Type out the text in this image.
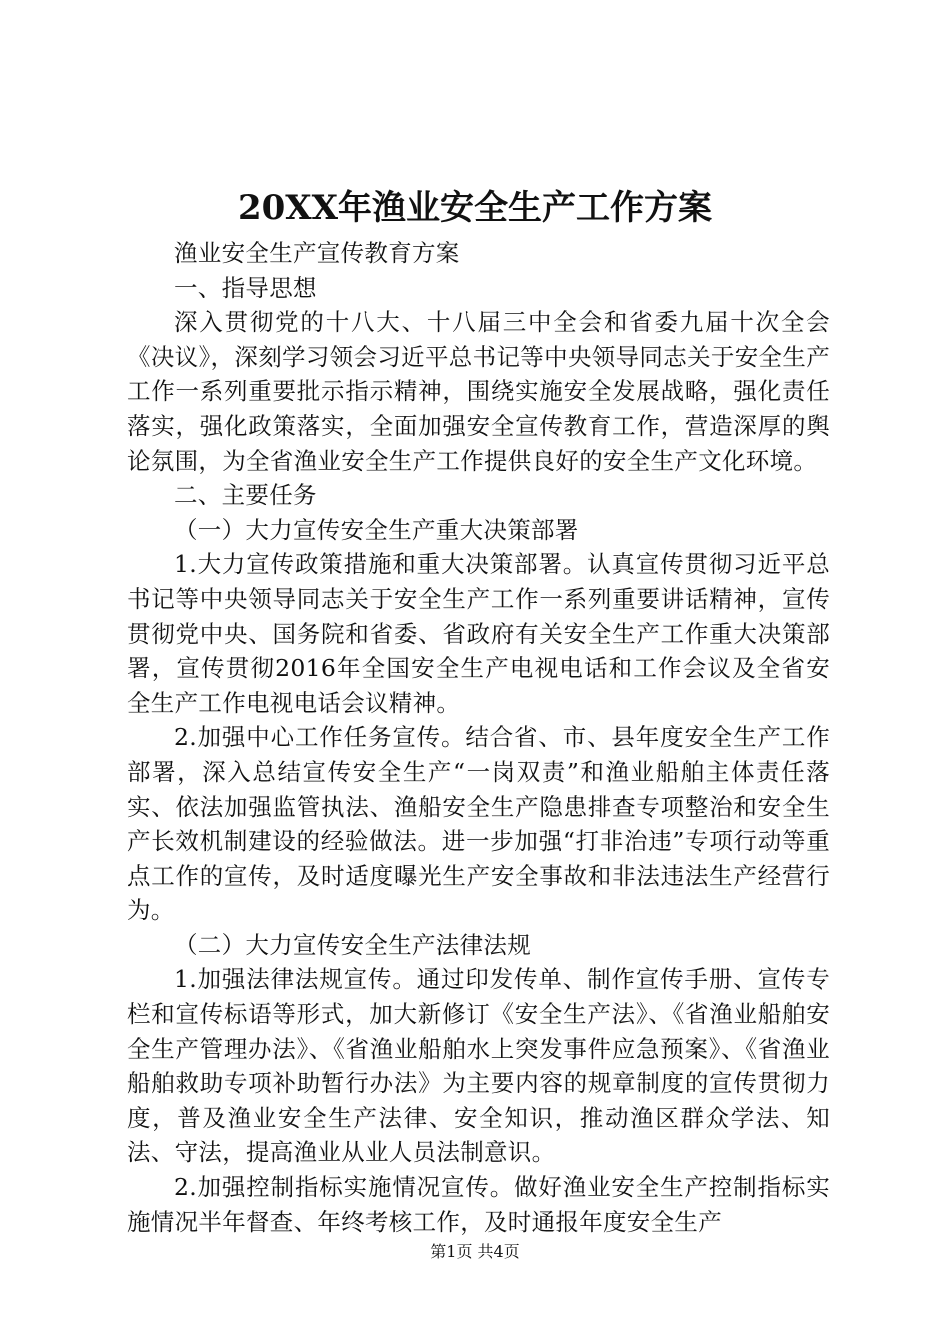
20XX年渔业安全生产工作方案

渔业安全生产宣传教育方案

一、指导思想

深入贯彻党的十八大、十八届三中全会和省委九届十次全会《决议》，深刻学习领会习近平总书记等中央领导同志关于安全生产工作一系列重要批示指示精神，围绕实施安全发展战略，强化责任落实，强化政策落实，全面加强安全宣传教育工作，营造深厚的舆论氛围，为全省渔业安全生产工作提供良好的安全生产文化环境。

二、主要任务

（一）大力宣传安全生产重大决策部署

1.大力宣传政策措施和重大决策部署。认真宣传贯彻习近平总书记等中央领导同志关于安全生产工作一系列重要讲话精神，宣传贯彻党中央、国务院和省委、省政府有关安全生产工作重大决策部署，宣传贯彻2016年全国安全生产电视电话和工作会议及全省安全生产工作电视电话会议精神。

2.加强中心工作任务宣传。结合省、市、县年度安全生产工作部署，深入总结宣传安全生产“一岗双责”和渔业船舶主体责任落实、依法加强监管执法、渔船安全生产隐患排查专项整治和安全生产长效机制建设的经验做法。进一步加强“打非治违”专项行动等重点工作的宣传，及时适度曝光生产安全事故和非法违法生产经营行为。

（二）大力宣传安全生产法律法规

1.加强法律法规宣传。通过印发传单、制作宣传手册、宣传专栏和宣传标语等形式，加大新修订《安全生产法》、《省渔业船舶安全生产管理办法》、《省渔业船舶水上突发事件应急预案》、《省渔业船舶救助专项补助暂行办法》为主要内容的规章制度的宣传贯彻力度，普及渔业安全生产法律、安全知识，推动渔区群众学法、知法、守法，提高渔业从业人员法制意识。

2.加强控制指标实施情况宣传。做好渔业安全生产控制指标实施情况半年督查、年终考核工作，及时通报年度安全生产

第1页 共4页
